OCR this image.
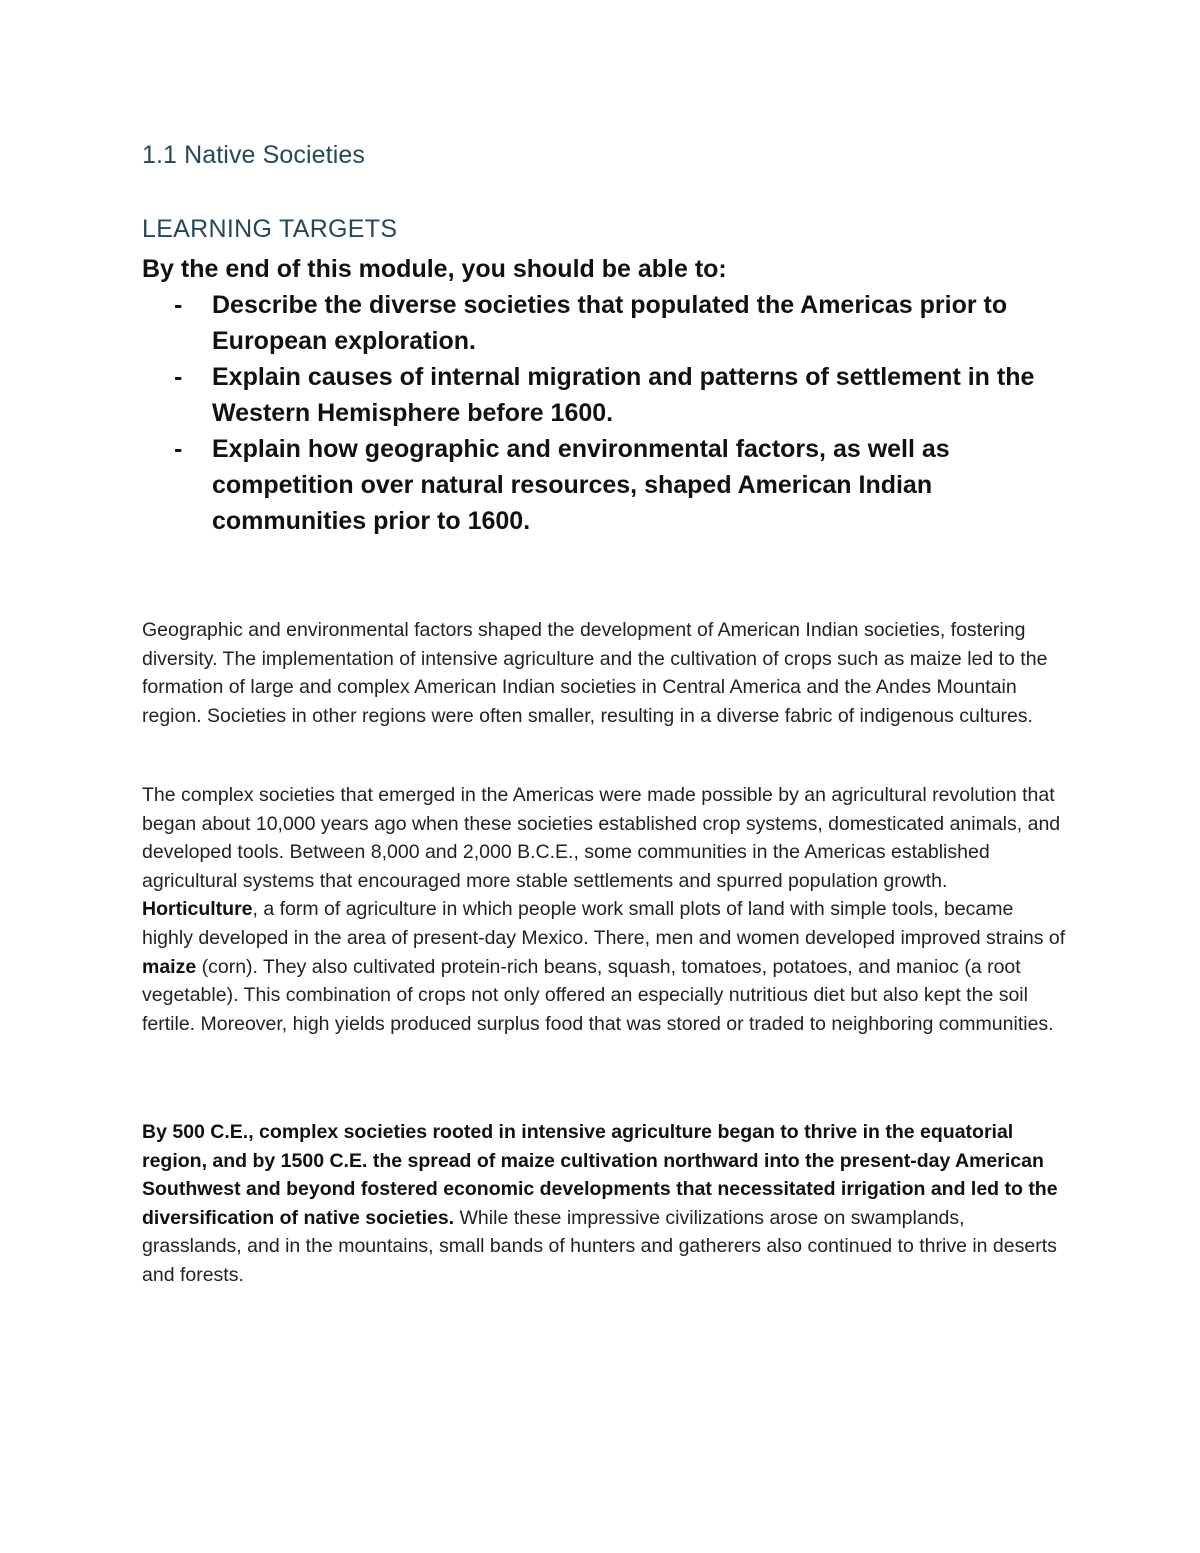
1.1 Native Societies
LEARNING TARGETS

By the end of this module, you should be able to:

- Describe the diverse societies that populated the Americas prior to European exploration.
- Explain causes of internal migration and patterns of settlement in the Western Hemisphere before 1600.
- Explain how geographic and environmental factors, as well as competition over natural resources, shaped American Indian communities prior to 1600.

Geographic and environmental factors shaped the development of American Indian societies, fostering diversity. The implementation of intensive agriculture and the cultivation of crops such as maize led to the formation of large and complex American Indian societies in Central America and the Andes Mountain region. Societies in other regions were often smaller, resulting in a diverse fabric of indigenous cultures.

The complex societies that emerged in the Americas were made possible by an agricultural revolution that began about 10,000 years ago when these societies established crop systems, domesticated animals, and developed tools. Between 8,000 and 2,000 B.C.E., some communities in the Americas established agricultural systems that encouraged more stable settlements and spurred population growth. Horticulture, a form of agriculture in which people work small plots of land with simple tools, became highly developed in the area of present-day Mexico. There, men and women developed improved strains of maize (corn). They also cultivated protein-rich beans, squash, tomatoes, potatoes, and manioc (a root vegetable). This combination of crops not only offered an especially nutritious diet but also kept the soil fertile. Moreover, high yields produced surplus food that was stored or traded to neighboring communities.

By 500 C.E., complex societies rooted in intensive agriculture began to thrive in the equatorial region, and by 1500 C.E. the spread of maize cultivation northward into the present-day American Southwest and beyond fostered economic developments that necessitated irrigation and led to the diversification of native societies. While these impressive civilizations arose on swamplands, grasslands, and in the mountains, small bands of hunters and gatherers also continued to thrive in deserts and forests.
